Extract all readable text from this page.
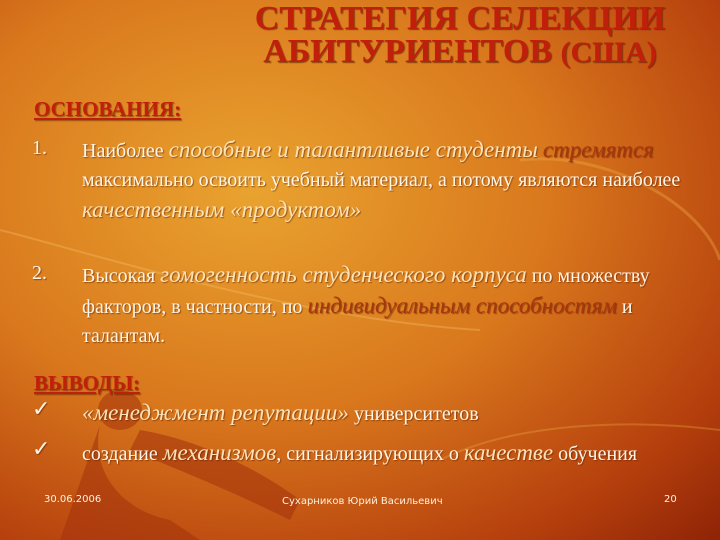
СТРАТЕГИЯ СЕЛЕКЦИИ
АБИТУРИЕНТОВ (США)
ОСНОВАНИЯ:
1. Наиболее способные и талантливые студенты стремятся максимально освоить учебный материал, а потому являются наиболее качественным «продуктом»
2. Высокая гомогенность студенческого корпуса по множеству факторов, в частности, по индивидуальным способностям и талантам.
ВЫВОДЫ:
✓ «менеджмент репутации» университетов
✓ создание механизмов, сигнализирующих о качестве обучения
30.06.2006	Сухарников Юрий Васильевич	20
